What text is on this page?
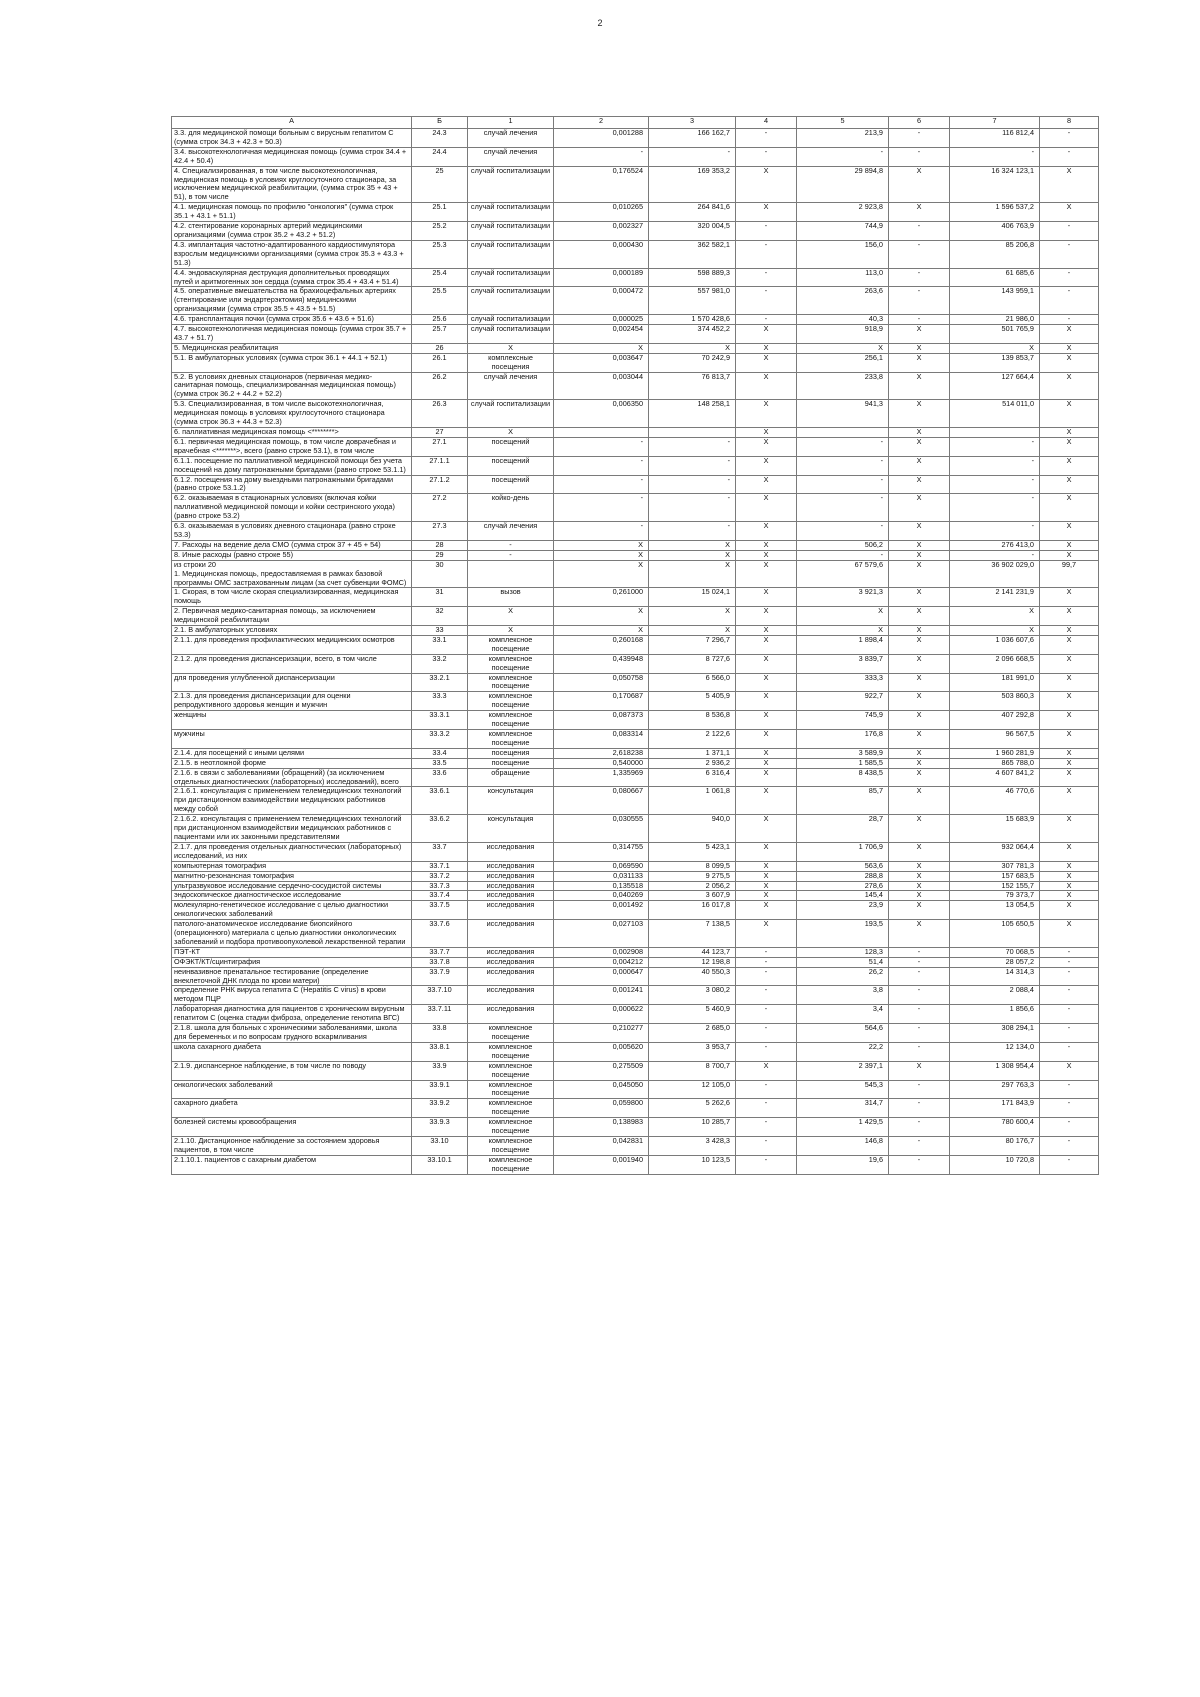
2
А	Б	1	2	3	4	5	6	7	8
3.3. для медицинской помощи больным с вирусным гепатитом С (сумма строк 34.3 + 42.3 + 50.3)	24.3	случай лечения	0,001288	166 162,7	-	213,9	-	116 812,4	-
3.4. высокотехнологичная медицинская помощь (сумма строк 34.4 + 42.4 + 50.4)	24.4	случай лечения	-	-	-	-	-	-	-
4. Специализированная, в том числе высокотехнологичная, медицинская помощь в условиях круглосуточного стационара, за исключением медицинской реабилитации, (сумма строк 35 + 43 + 51), в том числе	25	случай госпитализации	0,176524	169 353,2	X	29 894,8	X	16 324 123,1	X
4.1. медицинская помощь по профилю "онкология" (сумма строк 35.1 + 43.1 + 51.1)	25.1	случай госпитализации	0,010265	264 841,6	X	2 923,8	X	1 596 537,2	X
4.2. стентирование коронарных артерий медицинскими организациями (сумма строк 35.2 + 43.2 + 51.2)	25.2	случай госпитализации	0,002327	320 004,5	-	744,9	-	406 763,9	-
4.3. имплантация частотно-адаптированного кардиостимулятора взрослым медицинскими организациями (сумма строк 35.3 + 43.3 + 51.3)	25.3	случай госпитализации	0,000430	362 582,1	-	156,0	-	85 206,8	-
4.4. эндоваскулярная деструкция дополнительных проводящих путей и аритмогенных зон сердца (сумма строк 35.4 + 43.4 + 51.4)	25.4	случай госпитализации	0,000189	598 889,3	-	113,0	-	61 685,6	-
4.5. оперативные вмешательства на брахиоцефальных артериях (стентирование или эндартерэктомия) медицинскими организациями (сумма строк 35.5 + 43.5 + 51.5)	25.5	случай госпитализации	0,000472	557 981,0	-	263,6	-	143 959,1	-
4.6. трансплантация почки (сумма строк 35.6 + 43.6 + 51.6)	25.6	случай госпитализации	0,000025	1 570 428,6	-	40,3	-	21 986,0	-
4.7. высокотехнологичная медицинская помощь (сумма строк 35.7 + 43.7 + 51.7)	25.7	случай госпитализации	0,002454	374 452,2	X	918,9	X	501 765,9	X
5. Медицинская реабилитация	26	X	X	X	X	X	X	X	X
5.1. В амбулаторных условиях (сумма строк 36.1 + 44.1 + 52.1)	26.1	комплексные посещения	0,003647	70 242,9	X	256,1	X	139 853,7	X
5.2. В условиях дневных стационаров (первичная медико-санитарная помощь, специализированная медицинская помощь) (сумма строк 36.2 + 44.2 + 52.2)	26.2	случай лечения	0,003044	76 813,7	X	233,8	X	127 664,4	X
5.3. Специализированная, в том числе высокотехнологичная, медицинская помощь в условиях круглосуточного стационара (сумма строк 36.3 + 44.3 + 52.3)	26.3	случай госпитализации	0,006350	148 258,1	X	941,3	X	514 011,0	X
6. паллиативная медицинская помощь <********>	27	X			X		X		X
6.1. первичная медицинская помощь, в том числе доврачебная и врачебная <*******>, всего (равно строке 53.1), в том числе	27.1	посещений	-	-	X	-	X	-	X
6.1.1. посещение по паллиативной медицинской помощи без учета посещений на дому патронажными бригадами (равно строке 53.1.1)	27.1.1	посещений	-	-	X	-	X	-	X
6.1.2. посещения на дому выездными патронажными бригадами (равно строке 53.1.2)	27.1.2	посещений	-	-	X	-	X	-	X
6.2. оказываемая в стационарных условиях (включая койки паллиативной медицинской помощи и койки сестринского ухода) (равно строке 53.2)	27.2	койко-день	-	-	X	-	X	-	X
6.3. оказываемая в условиях дневного стационара (равно строке 53.3)	27.3	случай лечения	-	-	X	-	X	-	X
7. Расходы на ведение дела СМО (сумма строк 37 + 45 + 54)	28	-	X	X	X	506,2	X	276 413,0	X
8. Иные расходы (равно строке 55)	29	-	X	X	X	-	X	-	X
из строки 20
1. Медицинская помощь, предоставляемая в рамках базовой программы ОМС застрахованным лицам (за счет субвенции ФОМС)	30		X	X	X	67 579,6	X	36 902 029,0	99,7
1. Скорая, в том числе скорая специализированная, медицинская помощь	31	вызов	0,261000	15 024,1	X	3 921,3	X	2 141 231,9	X
2. Первичная медико-санитарная помощь, за исключением медицинской реабилитации	32	X	X	X	X	X	X	X	X
2.1. В амбулаторных условиях	33	X	X	X	X	X	X	X	X
2.1.1. для проведения профилактических медицинских осмотров	33.1	комплексное посещение	0,260168	7 296,7	X	1 898,4	X	1 036 607,6	X
2.1.2. для проведения диспансеризации, всего, в том числе	33.2	комплексное посещение	0,439948	8 727,6	X	3 839,7	X	2 096 668,5	X
для проведения углубленной диспансеризации	33.2.1	комплексное посещение	0,050758	6 566,0	X	333,3	X	181 991,0	X
2.1.3. для проведения диспансеризации для оценки репродуктивного здоровья женщин и мужчин	33.3	комплексное посещение	0,170687	5 405,9	X	922,7	X	503 860,3	X
женщины	33.3.1	комплексное посещение	0,087373	8 536,8	X	745,9	X	407 292,8	X
мужчины	33.3.2	комплексное посещение	0,083314	2 122,6	X	176,8	X	96 567,5	X
2.1.4. для посещений с иными целями	33.4	посещения	2,618238	1 371,1	X	3 589,9	X	1 960 281,9	X
2.1.5. в неотложной форме	33.5	посещение	0,540000	2 936,2	X	1 585,5	X	865 788,0	X
2.1.6. в связи с заболеваниями (обращений) (за исключением отдельных диагностических (лабораторных) исследований), всего	33.6	обращение	1,335969	6 316,4	X	8 438,5	X	4 607 841,2	X
2.1.6.1. консультация с применением телемедицинских технологий при дистанционном взаимодействии медицинских работников между собой	33.6.1	консультация	0,080667	1 061,8	X	85,7	X	46 770,6	X
2.1.6.2. консультация с применением телемедицинских технологий при дистанционном взаимодействии медицинских работников с пациентами или их законными представителями	33.6.2	консультация	0,030555	940,0	X	28,7	X	15 683,9	X
2.1.7. для проведения отдельных диагностических (лабораторных) исследований, из них	33.7	исследования	0,314755	5 423,1	X	1 706,9	X	932 064,4	X
компьютерная томография	33.7.1	исследования	0,069590	8 099,5	X	563,6	X	307 781,3	X
магнитно-резонансная томография	33.7.2	исследования	0,031133	9 275,5	X	288,8	X	157 683,5	X
ультразвуковое исследование сердечно-сосудистой системы	33.7.3	исследования	0,135518	2 056,2	X	278,6	X	152 155,7	X
эндоскопическое диагностическое исследование	33.7.4	исследования	0,040269	3 607,9	X	145,4	X	79 373,7	X
молекулярно-генетическое исследование с целью диагностики онкологических заболеваний	33.7.5	исследования	0,001492	16 017,8	X	23,9	X	13 054,5	X
патолого-анатомическое исследование биопсийного (операционного) материала с целью диагностики онкологических заболеваний и подбора противоопухолевой лекарственной терапии	33.7.6	исследования	0,027103	7 138,5	X	193,5	X	105 650,5	X
ПЭТ-КТ	33.7.7	исследования	0,002908	44 123,7	-	128,3	-	70 068,5	-
ОФЭКТ/КТ/сцинтиграфия	33.7.8	исследования	0,004212	12 198,8	-	51,4	-	28 057,2	-
неинвазивное пренатальное тестирование (определение внеклеточной ДНК плода по крови матери)	33.7.9	исследования	0,000647	40 550,3	-	26,2	-	14 314,3	-
определение РНК вируса гепатита С (Hepatitis C virus) в крови методом ПЦР	33.7.10	исследования	0,001241	3 080,2	-	3,8	-	2 088,4	-
лабораторная диагностика для пациентов с хроническим вирусным гепатитом С (оценка стадии фиброза, определение генотипа ВГС)	33.7.11	исследования	0,000622	5 460,9	-	3,4	-	1 856,6	-
2.1.8. школа для больных с хроническими заболеваниями, школа для беременных и по вопросам грудного вскармливания	33.8	комплексное посещение	0,210277	2 685,0	-	564,6	-	308 294,1	-
школа сахарного диабета	33.8.1	комплексное посещение	0,005620	3 953,7	-	22,2	-	12 134,0	-
2.1.9. диспансерное наблюдение, в том числе по поводу	33.9	комплексное посещение	0,275509	8 700,7	X	2 397,1	X	1 308 954,4	X
онкологических заболеваний	33.9.1	комплексное посещение	0,045050	12 105,0	-	545,3	-	297 763,3	-
сахарного диабета	33.9.2	комплексное посещение	0,059800	5 262,6	-	314,7	-	171 843,9	-
болезней системы кровообращения	33.9.3	комплексное посещение	0,138983	10 285,7	-	1 429,5	-	780 600,4	-
2.1.10. Дистанционное наблюдение за состоянием здоровья пациентов, в том числе	33.10	комплексное посещение	0,042831	3 428,3	-	146,8	-	80 176,7	-
2.1.10.1. пациентов с сахарным диабетом	33.10.1	комплексное посещение	0,001940	10 123,5	-	19,6	-	10 720,8	-
